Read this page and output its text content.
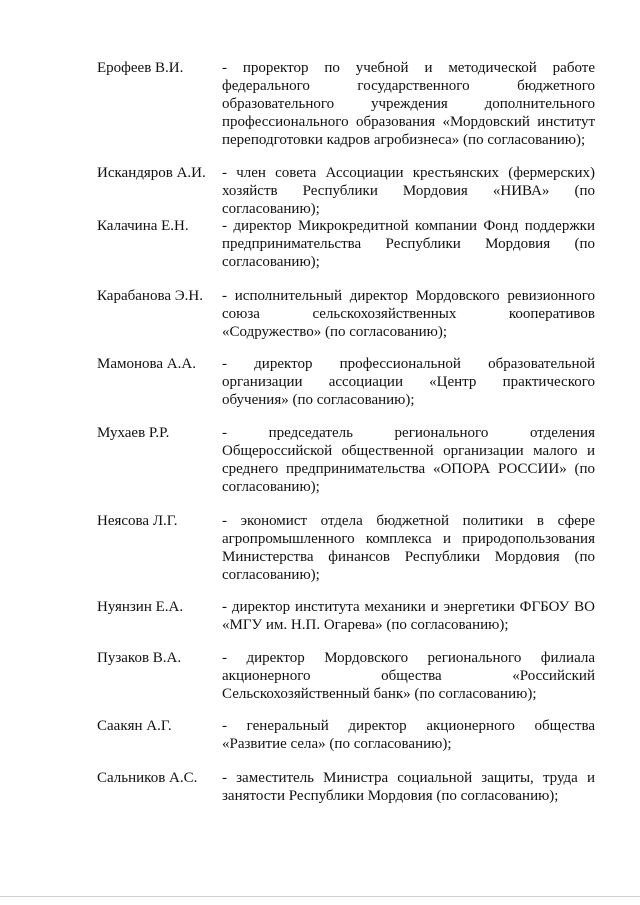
Ерофеев В.И.	- проректор по учебной и методической работе федерального государственного бюджетного образовательного учреждения дополнительного профессионального образования «Мордовский институт переподготовки кадров агробизнеса» (по согласованию);
Искандяров А.И. - член совета Ассоциации крестьянских (фермерских) хозяйств Республики Мордовия «НИВА» (по согласованию);
Калачина Е.Н. - директор Микрокредитной компании Фонд поддержки предпринимательства Республики Мордовия (по согласованию);
Карабанова Э.Н. - исполнительный директор Мордовского ревизионного союза сельскохозяйственных кооперативов «Содружество» (по согласованию);
Мамонова А.А. - директор профессиональной образовательной организации ассоциации «Центр практического обучения» (по согласованию);
Мухаев Р.Р.	- председатель регионального отделения Общероссийской общественной организации малого и среднего предпринимательства «ОПОРА РОССИИ» (по согласованию);
Неясова Л.Г.	- экономист отдела бюджетной политики в сфере агропромышленного комплекса и природопользования Министерства финансов Республики Мордовия (по согласованию);
Нуянзин Е.А.	- директор института механики и энергетики ФГБОУ ВО «МГУ им. Н.П. Огарева» (по согласованию);
Пузаков В.А.	- директор Мордовского регионального филиала акционерного общества «Российский Сельскохозяйственный банк» (по согласованию);
Саакян А.Г.	- генеральный директор акционерного общества «Развитие села» (по согласованию);
Сальников А.С. - заместитель Министра социальной защиты, труда и занятости Республики Мордовия (по согласованию);
